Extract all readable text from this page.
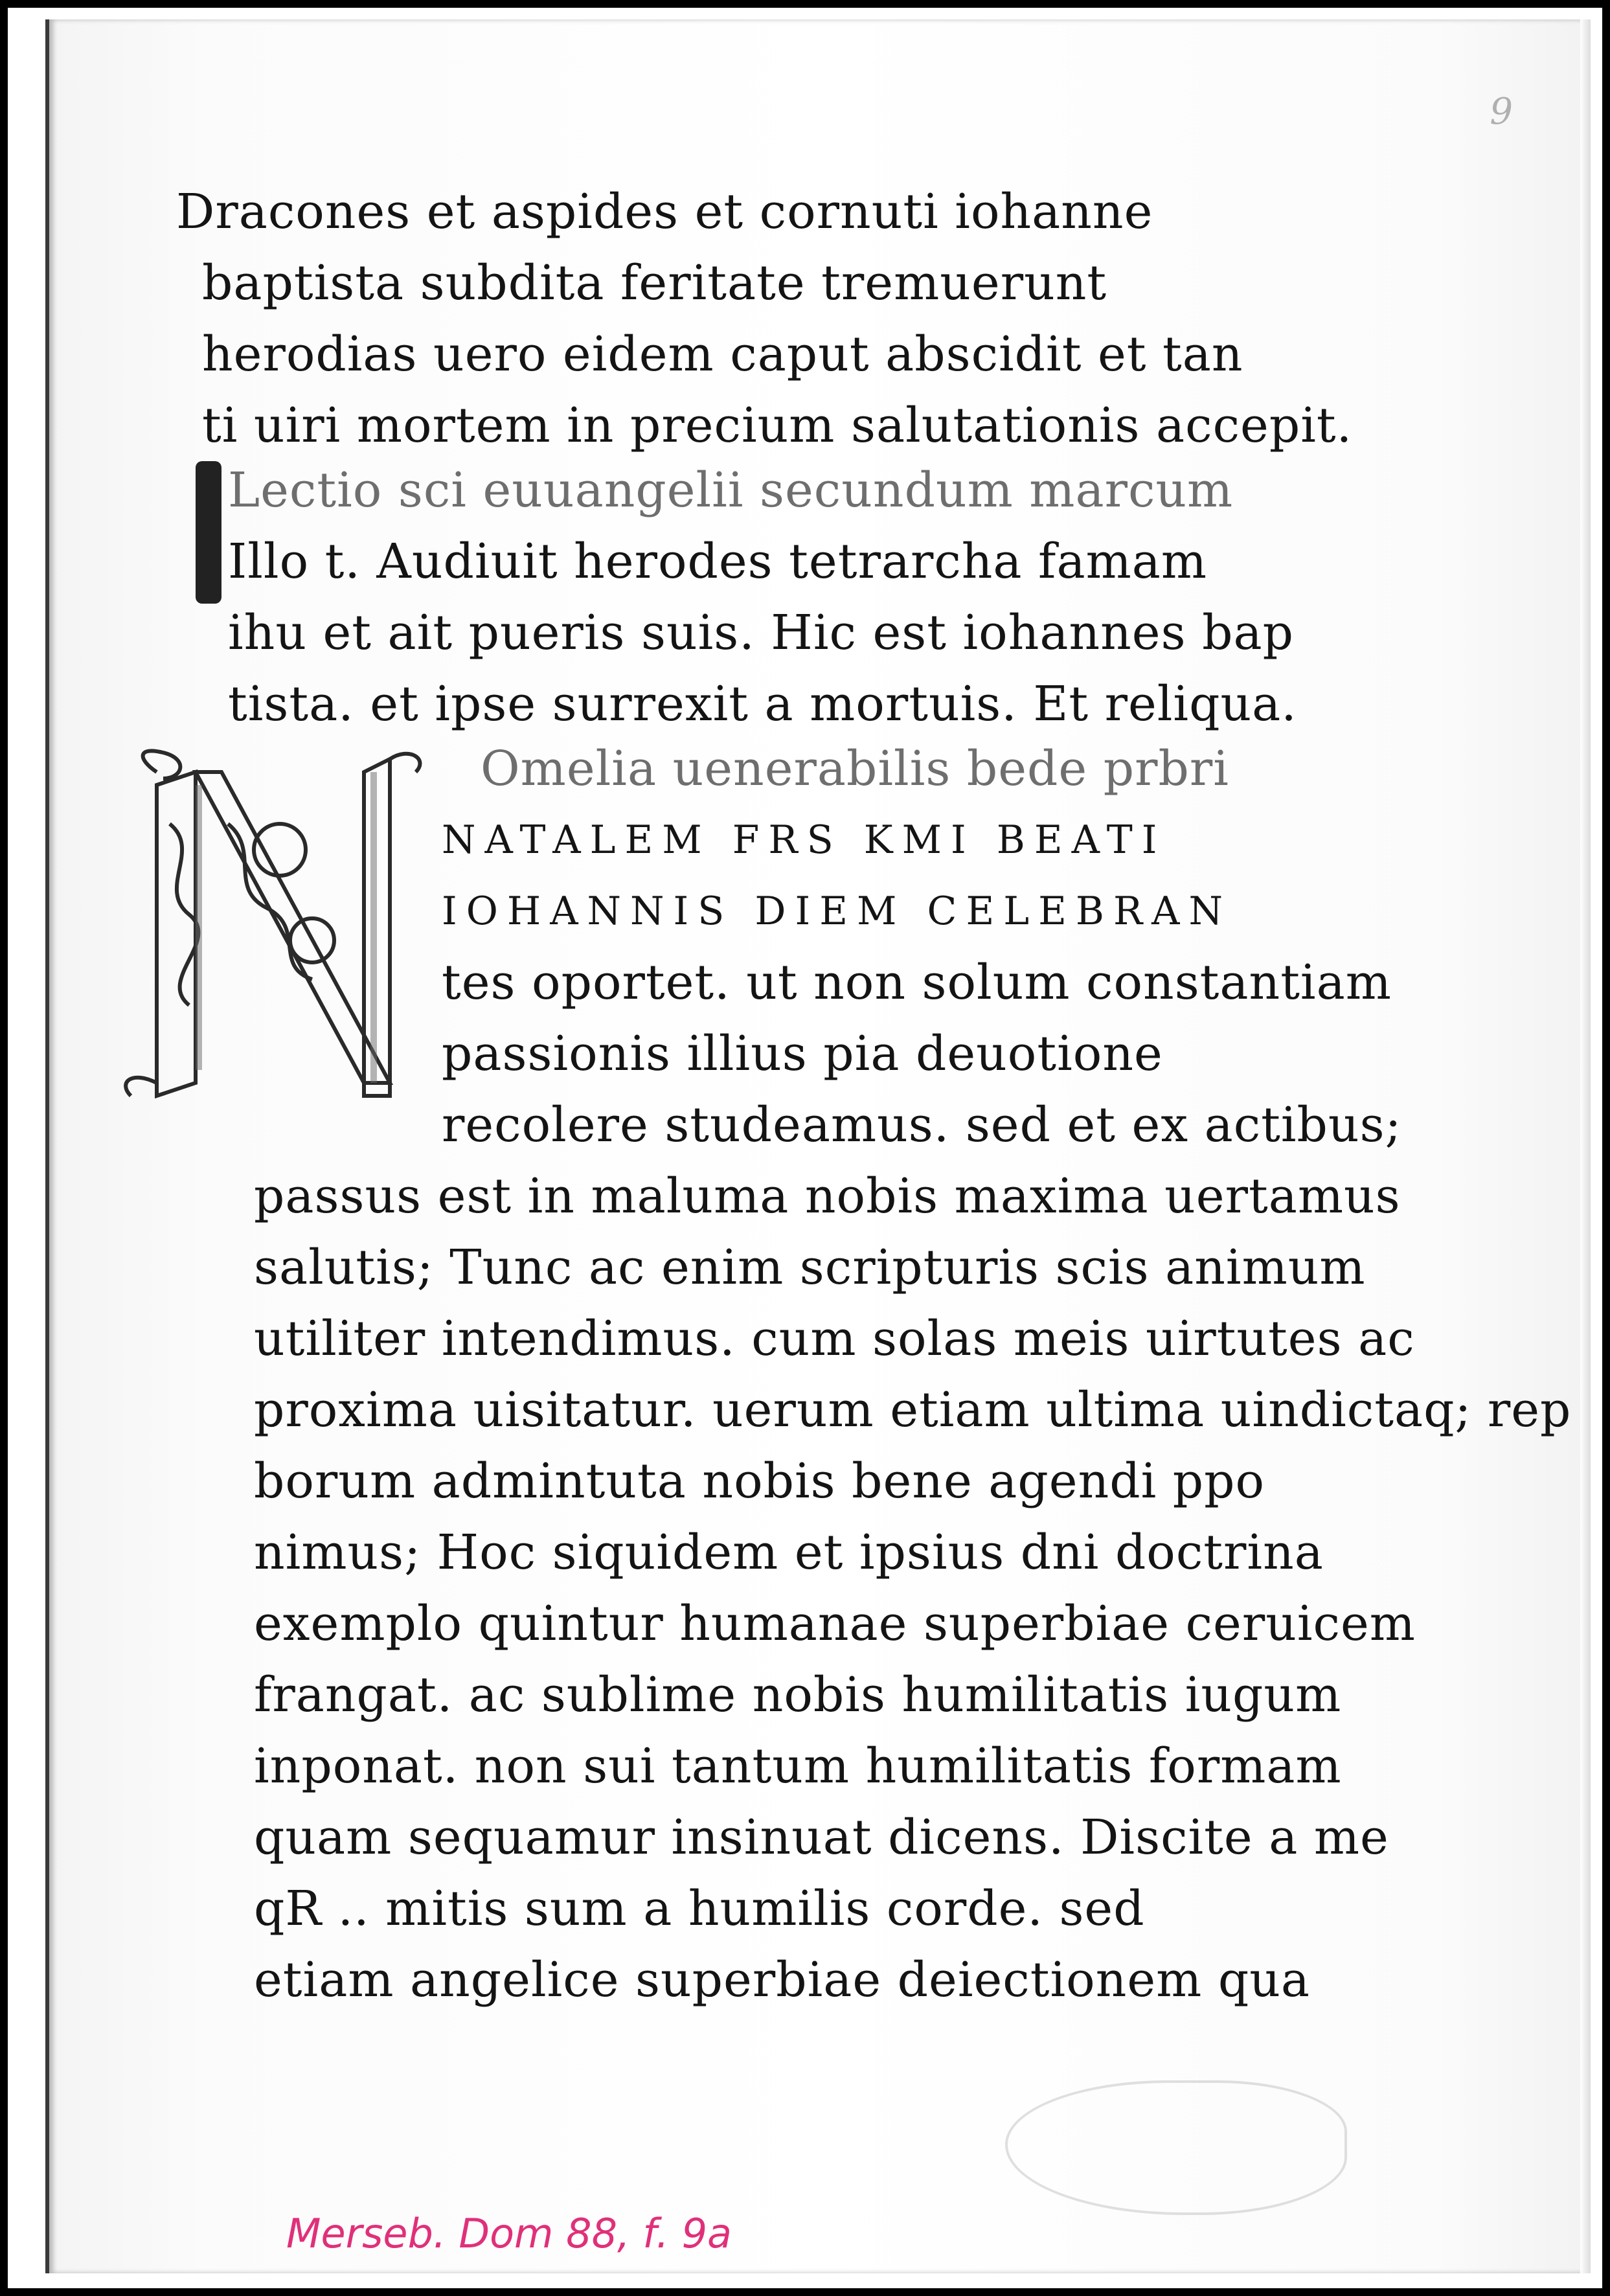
9
Dracones et aspides et cornuti iohanne
baptista subdita feritate tremuerunt
herodias uero eidem caput abscidit et tan
ti uiri mortem in precium salutationis accepit.
Lectio sci euuangelii secundum marcum
Illo t. Audiuit herodes tetrarcha famam
ihu et ait pueris suis. Hic est iohannes bap
tista. et ipse surrexit a mortuis. Et reliqua.
Omelia uenerabilis bede prbri
NATALEM FRS KMI BEATI
IOHANNIS DIEM CELEBRAN
tes oportet. ut non solum constantiam
passionis illius pia deuotione
recolere studeamus. sed et ex actibus;
passus est in maluma nobis maxima uertamus
salutis; Tunc ac enim scripturis scis animum
utiliter intendimus. cum solas meis uirtutes ac
proxima uisitatur. uerum etiam ultima uindictaq; rep
borum admintuta nobis bene agendi ppo
nimus; Hoc siquidem et ipsius dni doctrina
exemplo quintur humanae superbiae ceruicem
frangat. ac sublime nobis humilitatis iugum
inponat. non sui tantum humilitatis formam
quam sequamur insinuat dicens. Discite a me
qR .. mitis sum a humilis corde. sed
etiam angelice superbiae deiectionem qua
Merseb. Dom 88, f. 9a
